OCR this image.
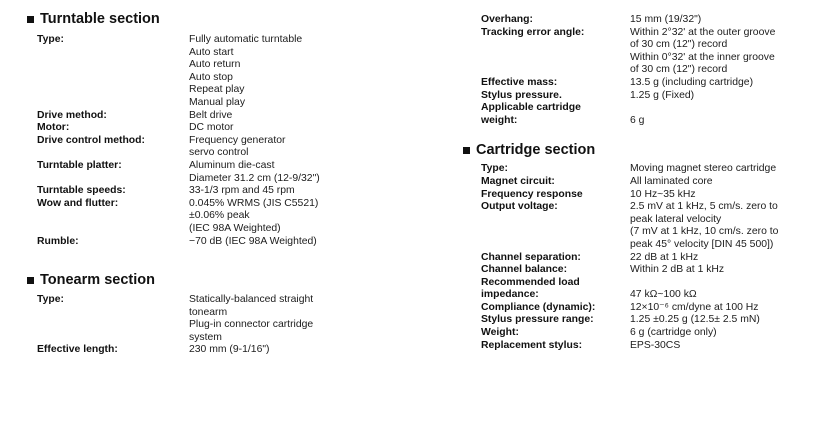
Turntable section
Type:	Fully automatic turntable
Auto start
Auto return
Auto stop
Repeat play
Manual play
Drive method:	Belt drive
Motor:	DC motor
Drive control method:	Frequency generator
servo control
Turntable platter:	Aluminum die-cast
Diameter 31.2 cm (12-9/32")
Turntable speeds:	33-1/3 rpm and 45 rpm
Wow and flutter:	0.045% WRMS (JIS C5521)
±0.06% peak
(IEC 98A Weighted)
Rumble:	−70 dB (IEC 98A Weighted)
Tonearm section
Type:	Statically-balanced straight
tonearm
Plug-in connector cartridge
system
Effective length:	230 mm (9-1/16")
Overhang:	15 mm (19/32")
Tracking error angle:	Within 2°32' at the outer groove
of 30 cm (12") record
Within 0°32' at the inner groove
of 30 cm (12") record
Effective mass:	13.5 g (including cartridge)
Stylus pressure.	1.25 g (Fixed)
Applicable cartridge
weight:
	6 g
Cartridge section
Type:	Moving magnet stereo cartridge
Magnet circuit:	All laminated core
Frequency response	10 Hz~35 kHz
Output voltage:	2.5 mV at 1 kHz, 5 cm/s. zero to
peak lateral velocity
(7 mV at 1 kHz, 10 cm/s. zero to
peak 45° velocity [DIN 45 500])
Channel separation:	22 dB at 1 kHz
Channel balance:	Within 2 dB at 1 kHz
Recommended load
impedance:
	47 kΩ~100 kΩ
Compliance (dynamic):	12×10⁻⁶ cm/dyne at 100 Hz
Stylus pressure range:	1.25 ±0.25 g (12.5± 2.5 mN)
Weight:	6 g (cartridge only)
Replacement stylus:	EPS-30CS
